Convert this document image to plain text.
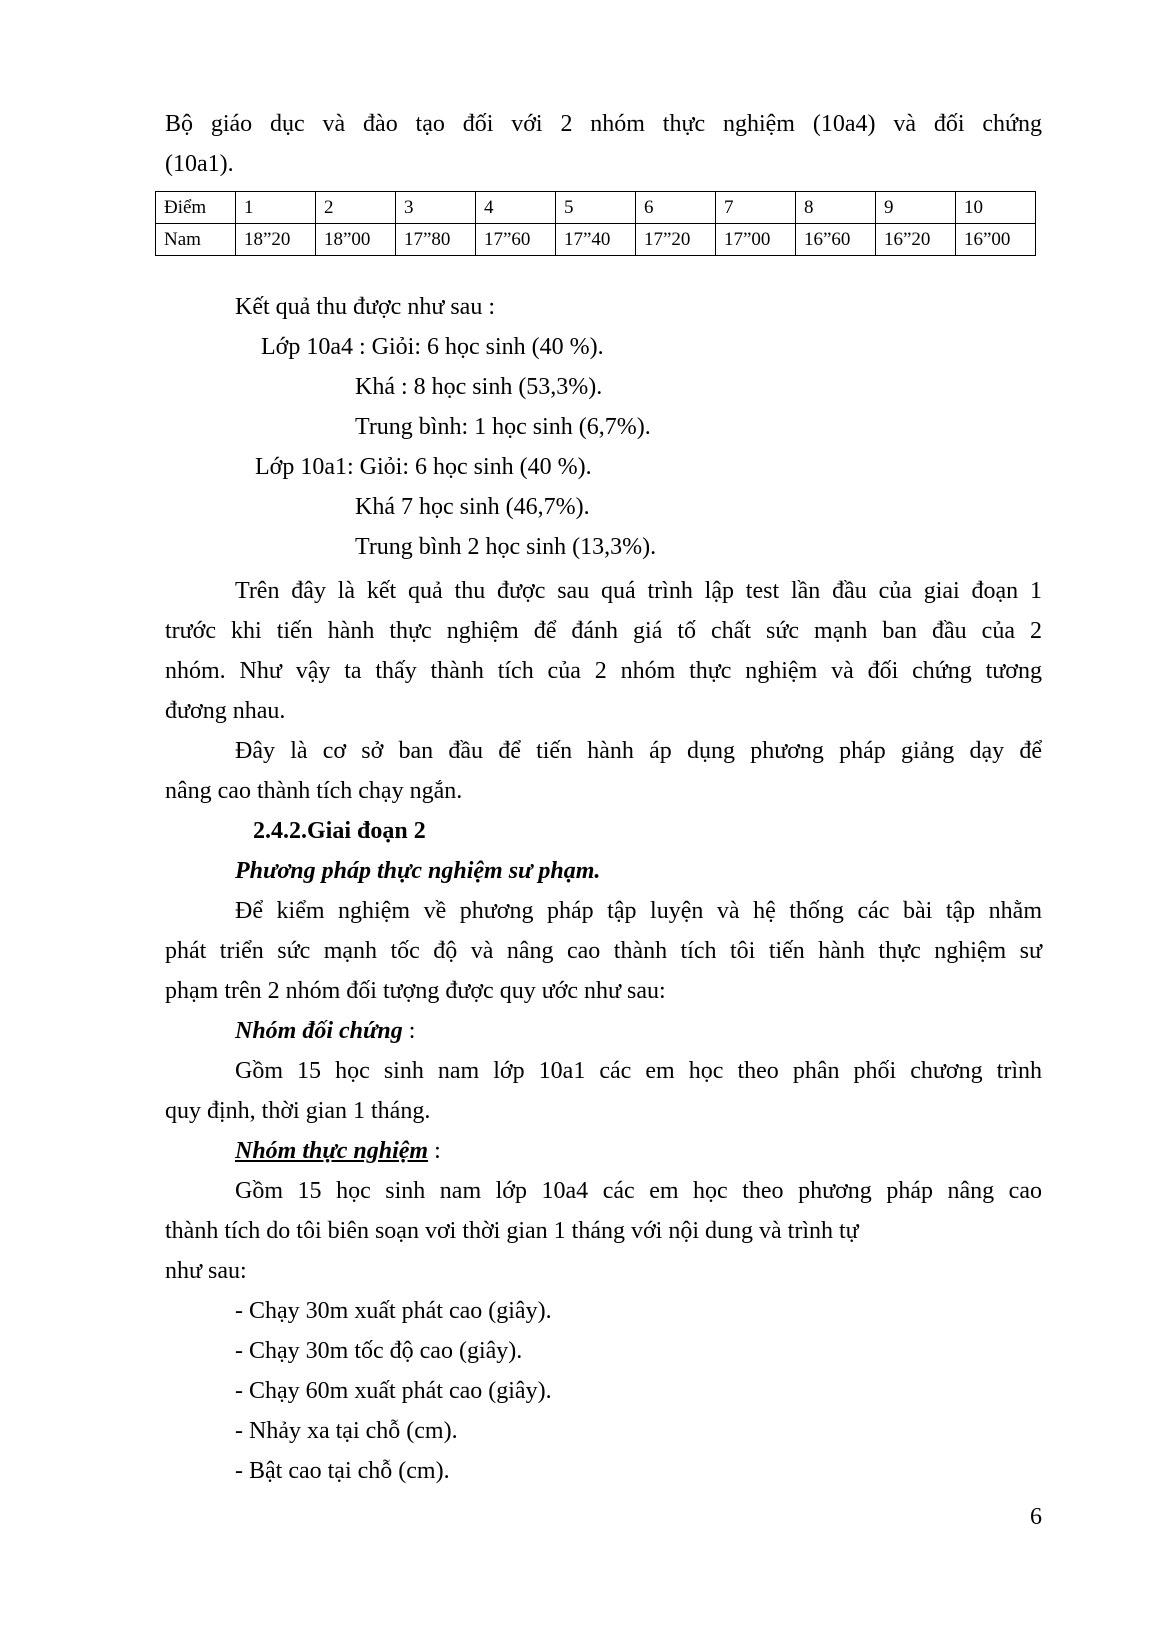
Bộ giáo dục và đào tạo đối với 2 nhóm thực nghiệm (10a4) và đối chứng
(10a1).
Điểm	1	2	3	4	5	6	7	8	9	10
Nam	18”20	18”00	17”80	17”60	17”40	17”20	17”00	16”60	16”20	16”00
Kết quả thu được như sau :
Lớp 10a4 : Giỏi: 6 học sinh (40 %).
Khá : 8 học sinh (53,3%).
Trung bình: 1 học sinh (6,7%).
Lớp 10a1: Giỏi: 6 học sinh (40 %).
Khá 7 học sinh (46,7%).
Trung bình 2 học sinh (13,3%).
Trên đây là kết quả thu được sau quá trình lập test lần đầu của giai đoạn 1
trước khi tiến hành thực nghiệm để đánh giá tố chất sức mạnh ban đầu của 2
nhóm. Như vậy ta thấy thành tích của 2 nhóm thực nghiệm và đối chứng tương
đương nhau.
Đây là cơ sở ban đầu để tiến hành áp dụng phương pháp giảng dạy để
nâng cao thành tích chạy ngắn.
2.4.2.Giai đoạn 2
Phương pháp thực nghiệm sư phạm.
Để kiểm nghiệm về phương pháp tập luyện và hệ thống các bài tập nhằm
phát triển sức mạnh tốc độ và nâng cao thành tích tôi tiến hành thực nghiệm sư
phạm trên 2 nhóm đối tượng được quy ước như sau:
Nhóm đối chứng :
Gồm 15 học sinh nam lớp 10a1 các em học theo phân phối chương trình
quy định, thời gian 1 tháng.
Nhóm thực nghiệm :
Gồm 15 học sinh nam lớp 10a4 các em học theo phương pháp nâng cao
thành tích do tôi biên soạn vơi thời gian 1 tháng với nội dung và trình tự
như sau:
- Chạy 30m xuất phát cao (giây).
- Chạy 30m tốc độ cao (giây).
- Chạy 60m xuất phát cao (giây).
- Nhảy xa tại chỗ (cm).
- Bật cao tại chỗ (cm).
6
